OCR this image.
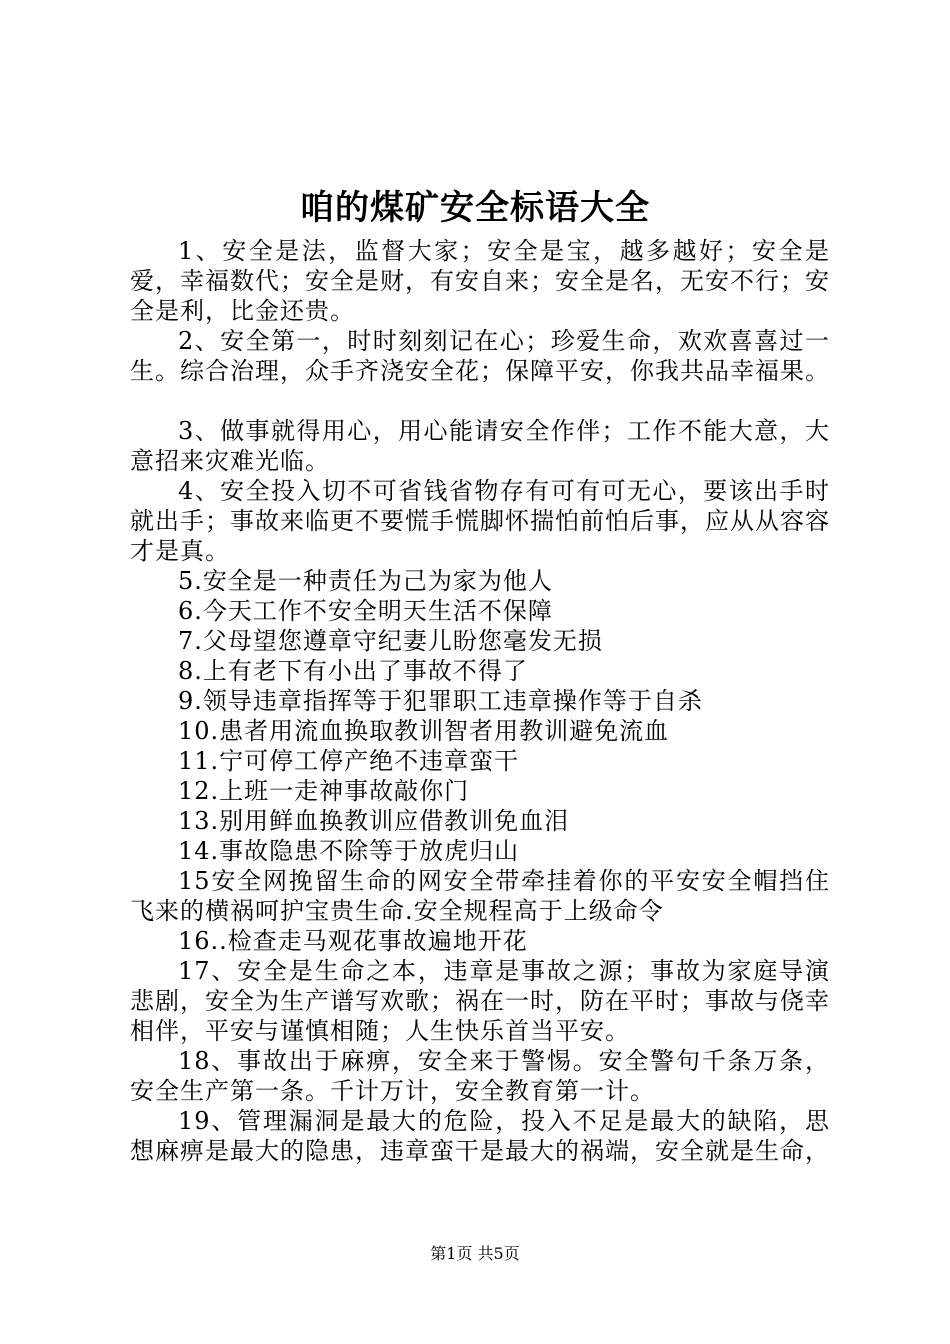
咱的煤矿安全标语大全

1、安全是法，监督大家；安全是宝，越多越好；安全是爱，幸福数代；安全是财，有安自来；安全是名，无安不行；安全是利，比金还贵。

2、安全第一，时时刻刻记在心；珍爱生命，欢欢喜喜过一生。综合治理，众手齐浇安全花；保障平安，你我共品幸福果。

3、做事就得用心，用心能请安全作伴；工作不能大意，大意招来灾难光临。

4、安全投入切不可省钱省物存有可有可无心，要该出手时就出手；事故来临更不要慌手慌脚怀揣怕前怕后事，应从从容容才是真。

5.安全是一种责任为己为家为他人

6.今天工作不安全明天生活不保障

7.父母望您遵章守纪妻儿盼您毫发无损

8.上有老下有小出了事故不得了

9.领导违章指挥等于犯罪职工违章操作等于自杀

10.患者用流血换取教训智者用教训避免流血

11.宁可停工停产绝不违章蛮干

12.上班一走神事故敲你门

13.别用鲜血换教训应借教训免血泪

14.事故隐患不除等于放虎归山

15安全网挽留生命的网安全带牵挂着你的平安安全帽挡住飞来的横祸呵护宝贵生命.安全规程高于上级命令

16..检查走马观花事故遍地开花

17、安全是生命之本，违章是事故之源；事故为家庭导演悲剧，安全为生产谱写欢歌；祸在一时，防在平时；事故与侥幸相伴，平安与谨慎相随；人生快乐首当平安。

18、事故出于麻痹，安全来于警惕。安全警句千条万条，安全生产第一条。千计万计，安全教育第一计。

19、管理漏洞是最大的危险，投入不足是最大的缺陷，思想麻痹是最大的隐患，违章蛮干是最大的祸端，安全就是生命，

第1页 共5页
